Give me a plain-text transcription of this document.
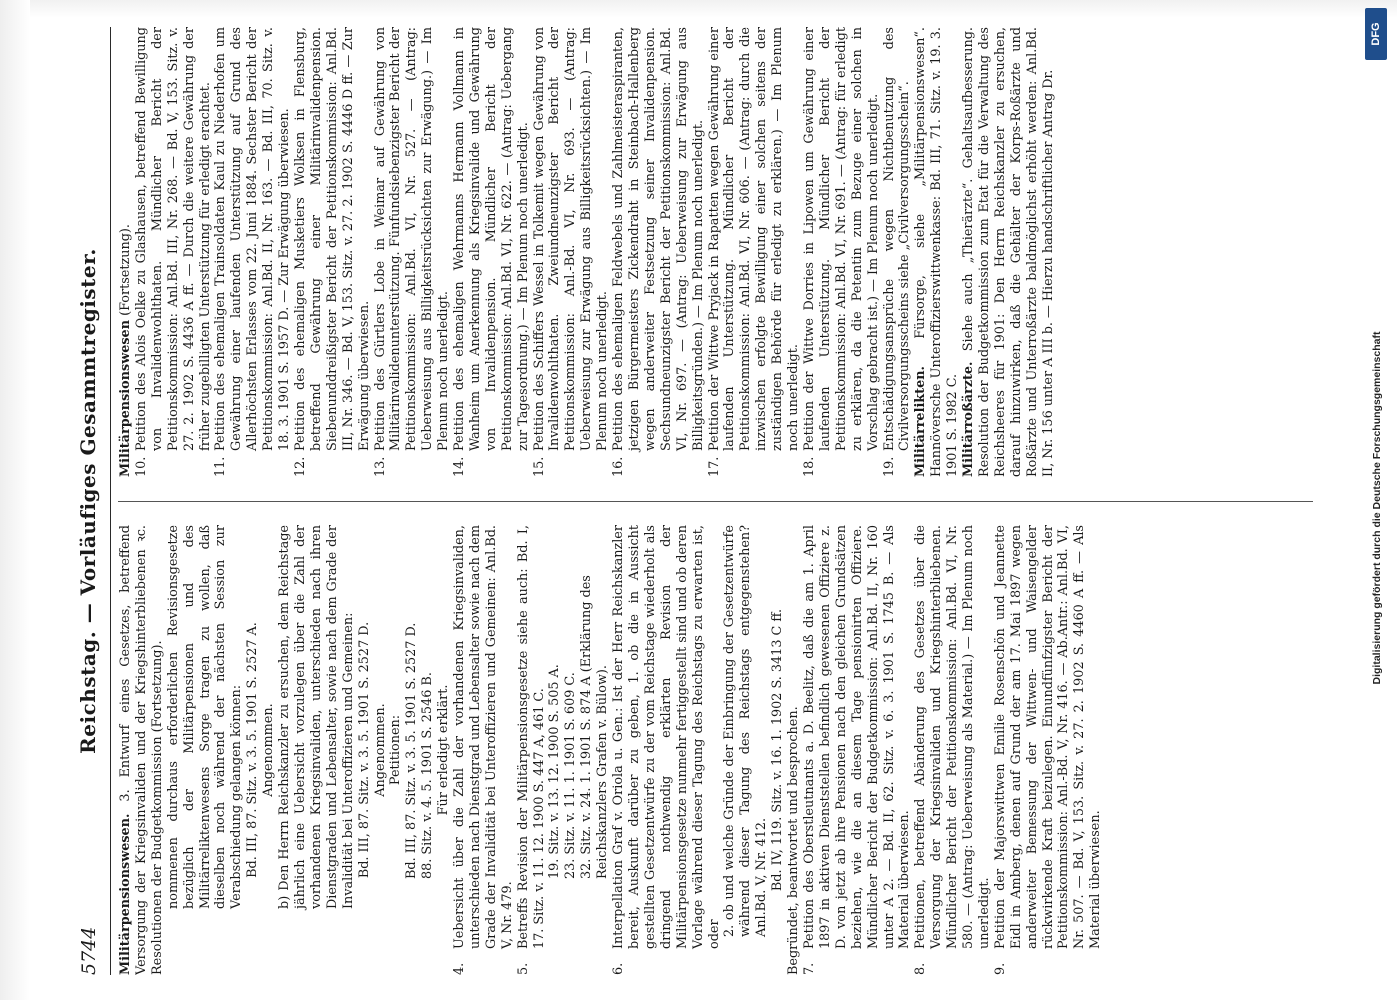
5744
Reichstag. — Vorläufiges Gesammtregister.

Militärpensionswesen. 3. Entwurf eines Gesetzes, betreffend Versorgung der Kriegsinvaliden und der Kriegshinterbliebenen ꝛc. Resolutionen der Budgetkommission (Fortsetzung). nommenen durchaus erforderlichen Revisionsgesetze bezüglich der Militärpensionen und des Militärreliktenwesens Sorge tragen zu wollen, daß dieselben noch während der nächsten Session zur Verabschiedung gelangen können: Bd. III, 87. Sitz. v. 3. 5. 1901 S. 2527 A. Angenommen. b) Den Herrn Reichskanzler zu ersuchen, dem Reichstage jährlich eine Uebersicht vorzulegen über die Zahl der vorhandenen Kriegsinvaliden, unterschieden nach ihren Dienstgraden und Lebensalter, sowie nach dem Grade der Invalidität bei Unteroffizieren und Gemeinen: Bd. III, 87. Sitz. v. 3. 5. 1901 S. 2527 D. Angenommen. Petitionen: Bd. III, 87. Sitz. v. 3. 5. 1901 S. 2527 D. 88. Sitz. v. 4. 5. 1901 S. 2546 B. Für erledigt erklärt.

4.

Uebersicht über die Zahl der vorhandenen Kriegsinvaliden, unterschieden nach Dienstgrad und Lebensalter sowie nach dem Grade der Invalidität bei Unteroffizieren und Gemeinen: Anl.Bd. V, Nr. 479.

5.

Betreffs Revision der Militärpensionsgesetze siehe auch: Bd. I, 17. Sitz. v. 11. 12. 1900 S. 447 A, 461 C. 19. Sitz. v. 13. 12. 1900 S. 505 A. 23. Sitz. v. 11. 1. 1901 S. 609 C. 32. Sitz. v. 24. 1. 1901 S. 874 A (Erklärung des Reichskanzlers Grafen v. Bülow).

6.

Interpellation Graf v. Oriola u. Gen.: Ist der Herr Reichskanzler bereit, Auskunft darüber zu geben, 1. ob die in Aussicht gestellten Gesetzentwürfe zu der vom Reichstage wiederholt als dringend nothwendig erklärten Revision der Militärpensionsgesetze nunmehr fertiggestellt sind und ob deren Vorlage während dieser Tagung des Reichstags zu erwarten ist, oder 2. ob und welche Gründe der Einbringung der Gesetzentwürfe während dieser Tagung des Reichstags entgegenstehen? Anl.Bd. V, Nr. 412. Bd. IV, 119. Sitz. v. 16. 1. 1902 S. 3413 C ff. Begründet, beantwortet und besprochen. 7.

Petition des Oberstleutnants a. D. Beelitz, daß die am 1. April 1897 in aktiven Dienststellen befindlich gewesenen Offiziere z. D. von jetzt ab ihre Pensionen nach den gleichen Grundsätzen beziehen, wie die an diesem Tage pensionirten Offiziere. Mündlicher Bericht der Budgetkommission: Anl.Bd. II, Nr. 160 unter A 2. — Bd. II, 62. Sitz. v. 6. 3. 1901 S. 1745 B. — Als Material überwiesen.

8.

Petitionen, betreffend Abänderung des Gesetzes über die Versorgung der Kriegsinvaliden und Kriegshinterbliebenen. Mündlicher Bericht der Petitionskommission: Anl.Bd. VI, Nr. 580. — (Antrag: Ueberweisung als Material.) — Im Plenum noch unerledigt.

9.

Petition der Majorswittwen Emilie Rosenschön und Jeannette Eidl in Amberg, denen auf Grund der am 17. Mai 1897 wegen anderweiter Bemessung der Wittwen- und Waisengelder rückwirkende Kraft beizulegen. Einundfünfzigster Bericht der Petitionskommission: Anl.-Bd. V, Nr. 416. — Ab.Antr.: Anl.Bd. VI, Nr. 507. — Bd. V, 153. Sitz. v. 27. 2. 1902 S. 4460 A ff. — Als Material überwiesen.

Militärpensionswesen (Fortsetzung).

10.

Petition des Alois Oelke zu Glashausen, betreffend Bewilligung von Invalidenwohlthaten. Mündlicher Bericht der Petitionskommission: Anl.Bd. III, Nr. 268. — Bd. V, 153. Sitz. v. 27. 2. 1902 S. 4436 A ff. — Durch die weitere Gewährung der früher zugebilligten Unterstützung für erledigt erachtet.

11.

Petition des ehemaligen Trainsoldaten Kaul zu Niederhofen um Gewährung einer laufenden Unterstützung auf Grund des Allerhöchsten Erlasses vom 22. Juni 1884. Sechster Bericht der Petitionskommission: Anl.Bd. II, Nr. 163. — Bd. III, 70. Sitz. v. 18. 3. 1901 S. 1957 D. — Zur Erwägung überwiesen.

12.

Petition des ehemaligen Musketiers Wolksen in Flensburg, betreffend Gewährung einer Militärinvalidenpension. Siebenunddreißigster Bericht der Petitionskommission: Anl.Bd. III, Nr. 346. — Bd. V, 153. Sitz. v. 27. 2. 1902 S. 4446 D ff. — Zur Erwägung überwiesen.

13.

Petition des Gürtlers Lobe in Weimar auf Gewährung von Militärinvalidenunterstützung. Fünfundsiebenzigster Bericht der Petitionskommission: Anl.Bd. VI, Nr. 527. — (Antrag: Ueberweisung aus Billigkeitsrücksichten zur Erwägung.) — Im Plenum noch unerledigt.

14.

Petition des ehemaligen Wehrmanns Hermann Vollmann in Wanheim um Anerkennung als Kriegsinvalide und Gewährung von Invalidenpension. Mündlicher Bericht der Petitionskommission: Anl.Bd. VI, Nr. 622. — (Antrag: Uebergang zur Tagesordnung.) — Im Plenum noch unerledigt.

15.

Petition des Schiffers Wessel in Tolkemit wegen Gewährung von Invalidenwohlthaten. Zweiundneunzigster Bericht der Petitionskommission: Anl.-Bd. VI, Nr. 693. — (Antrag: Ueberweisung zur Erwägung aus Billigkeitsrücksichten.) — Im Plenum noch unerledigt.

16.

Petition des ehemaligen Feldwebels und Zahlmeisteraspiranten, jetzigen Bürgermeisters Zickendraht in Steinbach-Hallenberg wegen anderweiter Festsetzung seiner Invalidenpension. Sechsundneunzigster Bericht der Petitionskommission: Anl.Bd. VI, Nr. 697. — (Antrag: Ueberweisung zur Erwägung aus Billigkeitsgründen.) — Im Plenum noch unerledigt.

17.

Petition der Wittwe Pryjack in Rapatten wegen Gewährung einer laufenden Unterstützung. Mündlicher Bericht der Petitionskommission: Anl.Bd. VI, Nr. 606. — (Antrag: durch die inzwischen erfolgte Bewilligung einer solchen seitens der zuständigen Behörde für erledigt zu erklären.) — Im Plenum noch unerledigt.

18.

Petition der Wittwe Dorries in Lipowen um Gewährung einer laufenden Unterstützung. Mündlicher Bericht der Petitionskommission: Anl.Bd. VI, Nr. 691. — (Antrag: für erledigt zu erklären, da die Petentin zum Bezuge einer solchen in Vorschlag gebracht ist.) — Im Plenum noch unerledigt.

19.

Entschädigungsansprüche wegen Nichtbenutzung des Civilversorgungsscheins siehe „Civilversorgungsschein“. Militärrelikten. Fürsorge, siehe „Militärpensionswesen“. Hannöversche Unteroffizierswittwenkasse: Bd. III, 71. Sitz. v. 19. 3. 1901 S. 1982 C. Militärroßärzte. Siehe auch „Thierärzte“. Gehaltsaufbesserung. Resolution der Budgetkommission zum Etat für die Verwaltung des Reichsheeres für 1901: Den Herrn Reichskanzler zu ersuchen, darauf hinzuwirken, daß die Gehälter der Korps-Roßärzte und Roßärzte und Unterroßärzte baldmöglichst erhöht werden: Anl.Bd. II, Nr. 156 unter A III b. — Hierzu handschriftlicher Antrag Dr.

DFG
Digitalisierung gefördert durch die Deutsche Forschungsgemeinschaft
